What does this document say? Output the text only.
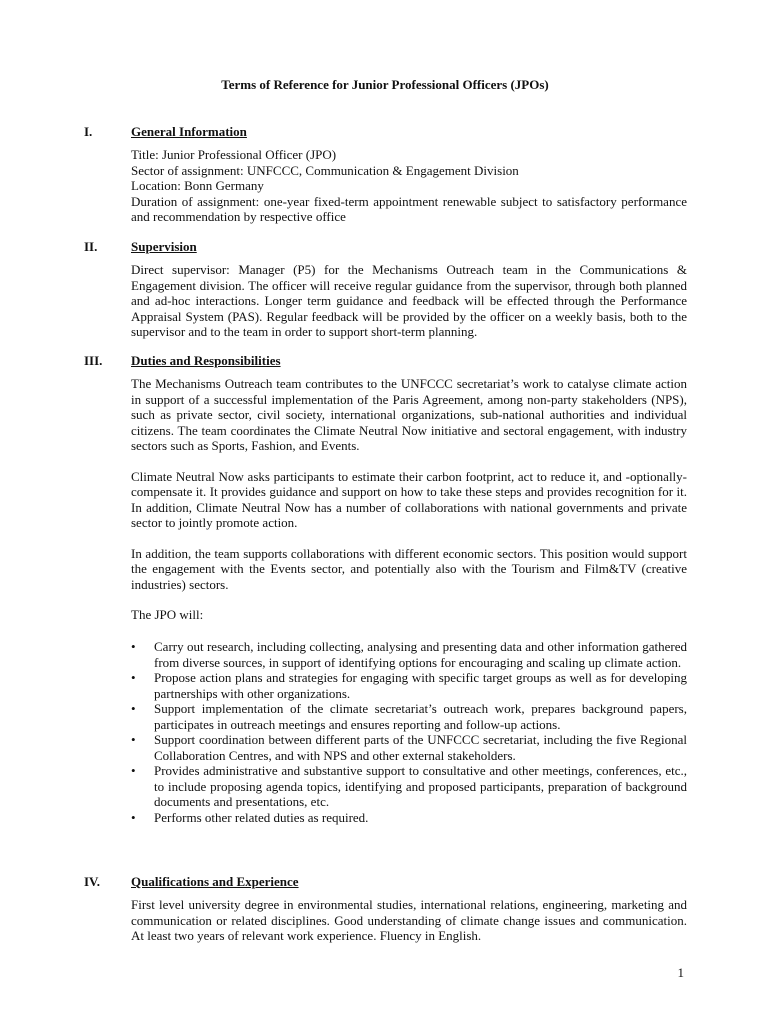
Terms of Reference for Junior Professional Officers (JPOs)
I.	General Information
Title: Junior Professional Officer (JPO)
Sector of assignment: UNFCCC, Communication & Engagement Division
Location: Bonn Germany

Duration of assignment: one-year fixed-term appointment renewable subject to satisfactory performance and recommendation by respective office

II.	Supervision

Direct supervisor: Manager (P5) for the Mechanisms Outreach team in the Communications & Engagement division. The officer will receive regular guidance from the supervisor, through both planned and ad-hoc interactions. Longer term guidance and feedback will be effected through the Performance Appraisal System (PAS). Regular feedback will be provided by the officer on a weekly basis, both to the supervisor and to the team in order to support short-term planning.

III. Duties and Responsibilities

The Mechanisms Outreach team contributes to the UNFCCC secretariat’s work to catalyse climate action in support of a successful implementation of the Paris Agreement, among non-party stakeholders (NPS), such as private sector, civil society, international organizations, sub-national authorities and individual citizens. The team coordinates the Climate Neutral Now initiative and sectoral engagement, with industry sectors such as Sports, Fashion, and Events.

Climate Neutral Now asks participants to estimate their carbon footprint, act to reduce it, and -optionally- compensate it. It provides guidance and support on how to take these steps and provides recognition for it. In addition, Climate Neutral Now has a number of collaborations with national governments and private sector to jointly promote action.

In addition, the team supports collaborations with different economic sectors. This position would support the engagement with the Events sector, and potentially also with the Tourism and Film&TV (creative industries) sectors.

The JPO will:

• Carry out research, including collecting, analysing and presenting data and other information gathered from diverse sources, in support of identifying options for encouraging and scaling up climate action.
• Propose action plans and strategies for engaging with specific target groups as well as for developing partnerships with other organizations.
• Support implementation of the climate secretariat’s outreach work, prepares background papers, participates in outreach meetings and ensures reporting and follow-up actions.
• Support coordination between different parts of the UNFCCC secretariat, including the five Regional Collaboration Centres, and with NPS and other external stakeholders.
• Provides administrative and substantive support to consultative and other meetings, conferences, etc., to include proposing agenda topics, identifying and proposed participants, preparation of background documents and presentations, etc.
• Performs other related duties as required.
IV. Qualifications and Experience

First level university degree in environmental studies, international relations, engineering, marketing and communication or related disciplines. Good understanding of climate change issues and communication. At least two years of relevant work experience. Fluency in English.

1
